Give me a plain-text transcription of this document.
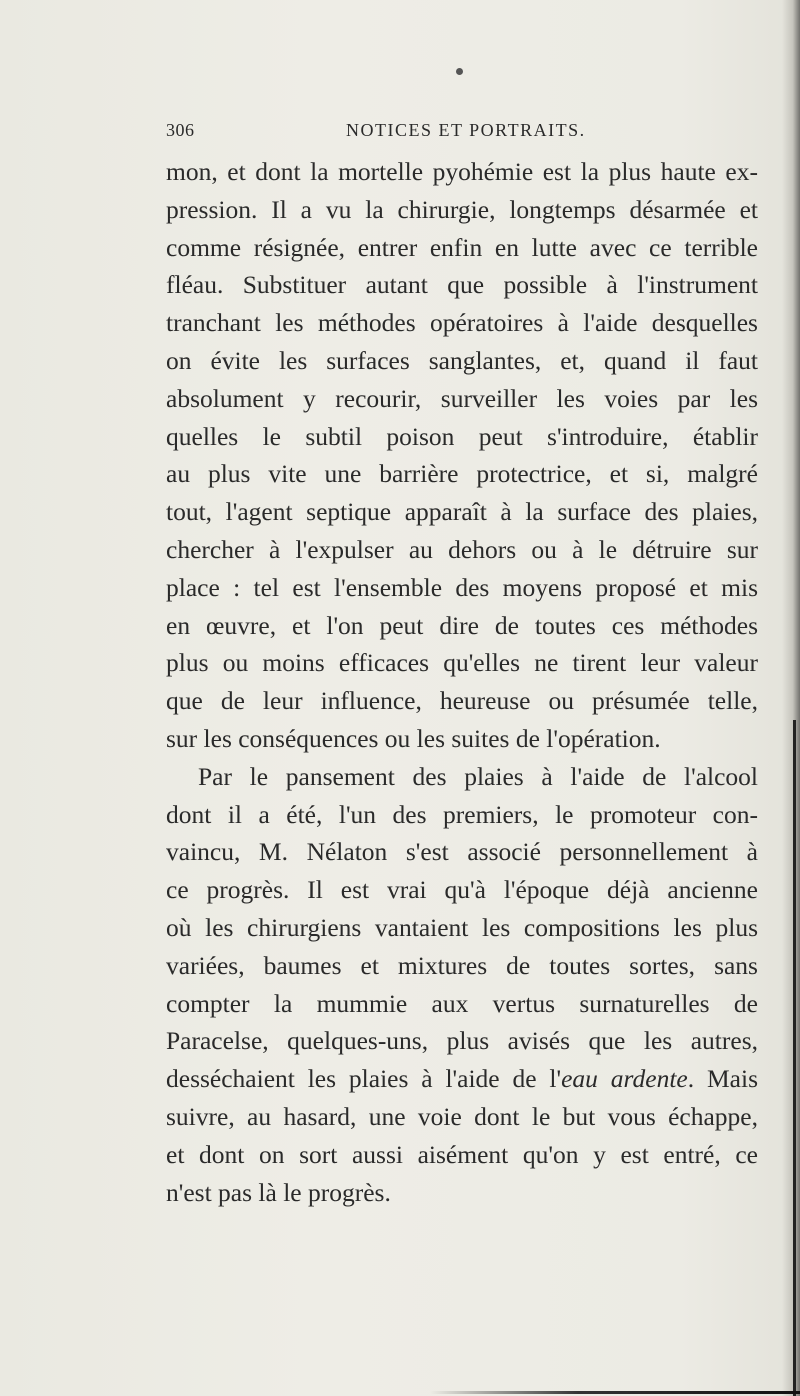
306	NOTICES ET PORTRAITS.
mon, et dont la mortelle pyohémie est la plus haute ex-
pression. Il a vu la chirurgie, longtemps désarmée et
comme résignée, entrer enfin en lutte avec ce terrible
fléau. Substituer autant que possible à l'instrument
tranchant les méthodes opératoires à l'aide desquelles
on évite les surfaces sanglantes, et, quand il faut
absolument y recourir, surveiller les voies par les
quelles le subtil poison peut s'introduire, établir
au plus vite une barrière protectrice, et si, malgré
tout, l'agent septique apparaît à la surface des plaies,
chercher à l'expulser au dehors ou à le détruire sur
place : tel est l'ensemble des moyens proposé et mis
en œuvre, et l'on peut dire de toutes ces méthodes
plus ou moins efficaces qu'elles ne tirent leur valeur
que de leur influence, heureuse ou présumée telle,
sur les conséquences ou les suites de l'opération.
Par le pansement des plaies à l'aide de l'alcool
dont il a été, l'un des premiers, le promoteur con-
vaincu, M. Nélaton s'est associé personnellement à
ce progrès. Il est vrai qu'à l'époque déjà ancienne
où les chirurgiens vantaient les compositions les plus
variées, baumes et mixtures de toutes sortes, sans
compter la mummie aux vertus surnaturelles de
Paracelse, quelques-uns, plus avisés que les autres,
desséchaient les plaies à l'aide de l'eau ardente. Mais
suivre, au hasard, une voie dont le but vous échappe,
et dont on sort aussi aisément qu'on y est entré, ce
n'est pas là le progrès.
